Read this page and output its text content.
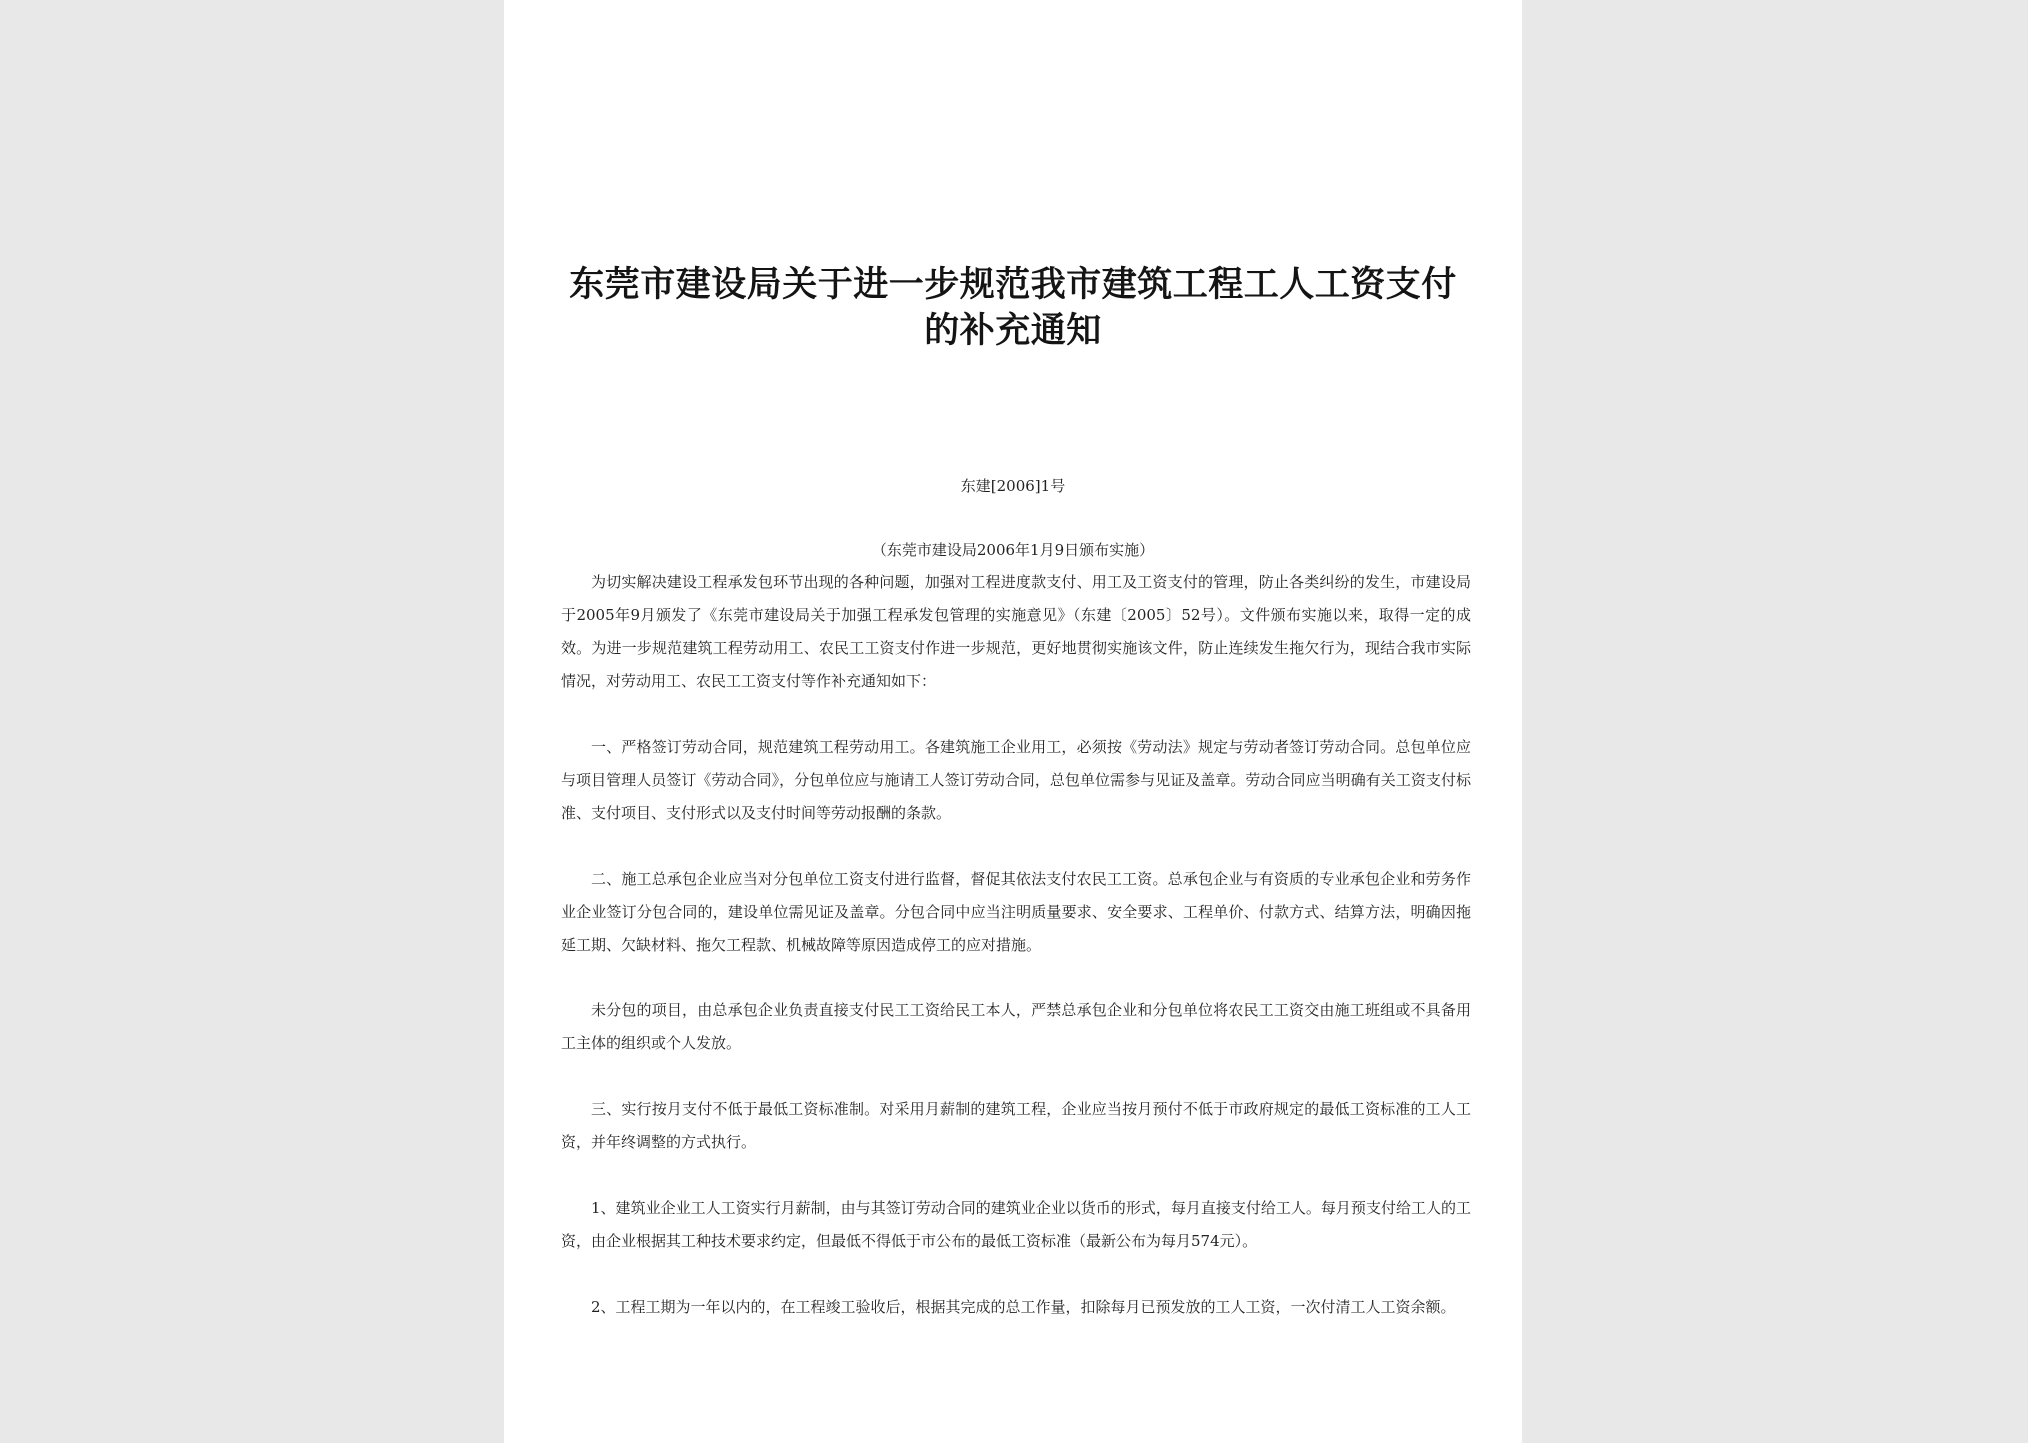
东莞市建设局关于进一步规范我市建筑工程工人工资支付的补充通知
东建[2006]1号
（东莞市建设局2006年1月9日颁布实施）
为切实解决建设工程承发包环节出现的各种问题，加强对工程进度款支付、用工及工资支付的管理，防止各类纠纷的发生，市建设局于2005年9月颁发了《东莞市建设局关于加强工程承发包管理的实施意见》（东建〔2005〕52号）。文件颁布实施以来，取得一定的成效。为进一步规范建筑工程劳动用工、农民工工资支付作进一步规范，更好地贯彻实施该文件，防止连续发生拖欠行为，现结合我市实际情况，对劳动用工、农民工工资支付等作补充通知如下：
一、严格签订劳动合同，规范建筑工程劳动用工。各建筑施工企业用工，必须按《劳动法》规定与劳动者签订劳动合同。总包单位应与项目管理人员签订《劳动合同》，分包单位应与施请工人签订劳动合同，总包单位需参与见证及盖章。劳动合同应当明确有关工资支付标准、支付项目、支付形式以及支付时间等劳动报酬的条款。
二、施工总承包企业应当对分包单位工资支付进行监督，督促其依法支付农民工工资。总承包企业与有资质的专业承包企业和劳务作业企业签订分包合同的，建设单位需见证及盖章。分包合同中应当注明质量要求、安全要求、工程单价、付款方式、结算方法，明确因拖延工期、欠缺材料、拖欠工程款、机械故障等原因造成停工的应对措施。
未分包的项目，由总承包企业负责直接支付民工工资给民工本人，严禁总承包企业和分包单位将农民工工资交由施工班组或不具备用工主体的组织或个人发放。
三、实行按月支付不低于最低工资标准制。对采用月薪制的建筑工程，企业应当按月预付不低于市政府规定的最低工资标准的工人工资，并年终调整的方式执行。
1、建筑业企业工人工资实行月薪制，由与其签订劳动合同的建筑业企业以货币的形式，每月直接支付给工人。每月预支付给工人的工资，由企业根据其工种技术要求约定，但最低不得低于市公布的最低工资标准（最新公布为每月574元）。
2、工程工期为一年以内的，在工程竣工验收后，根据其完成的总工作量，扣除每月已预发放的工人工资，一次付清工人工资余额。
